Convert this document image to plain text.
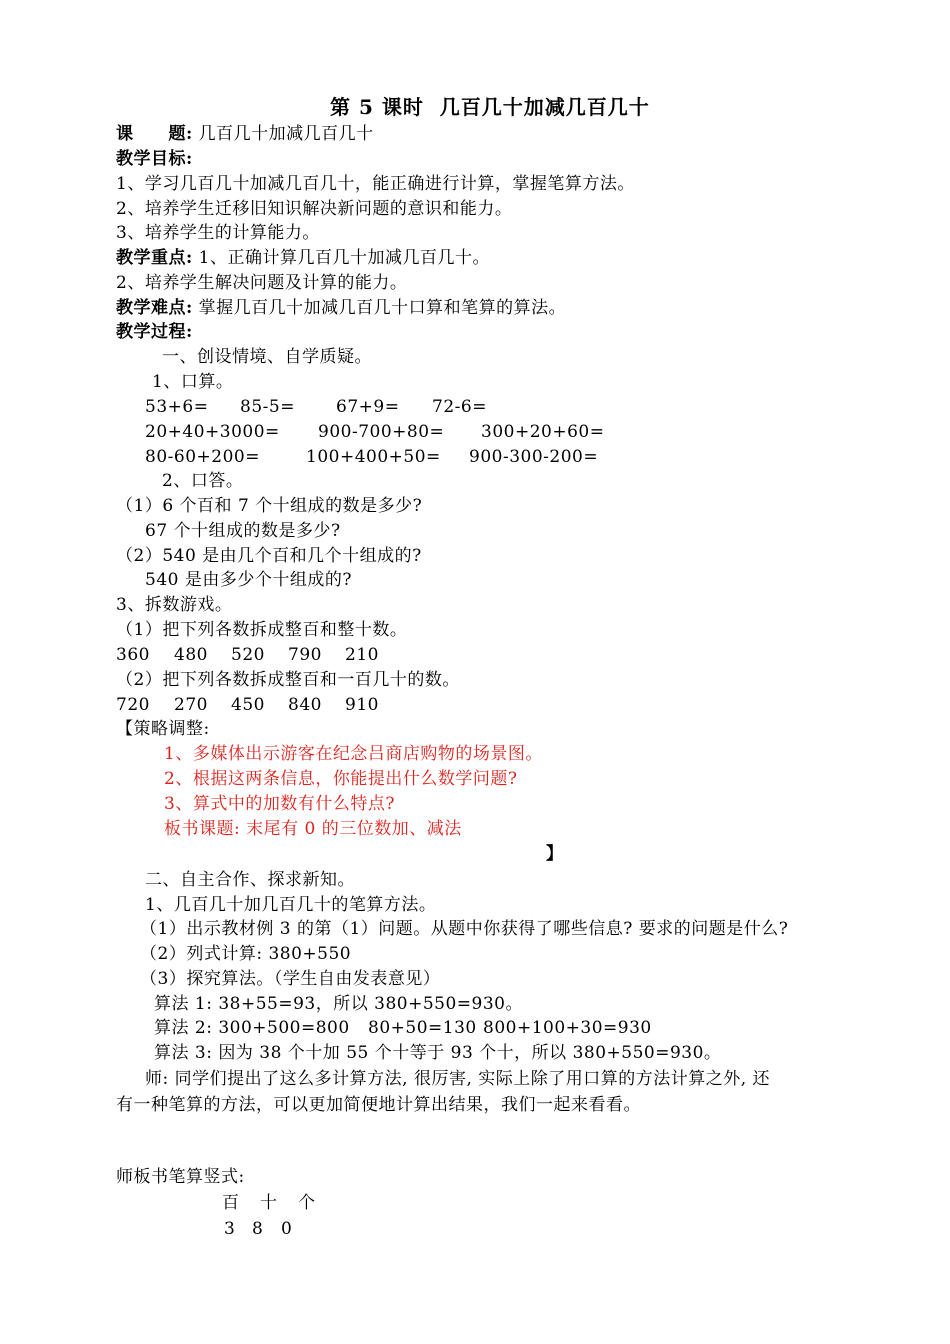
第 5 课时  几百几十加减几百几十
课　　题: 几百几十加减几百几十
教学目标:
1、学习几百几十加减几百几十，能正确进行计算，掌握笔算方法。
2、培养学生迁移旧知识解决新问题的意识和能力。
3、培养学生的计算能力。
教学重点: 1、正确计算几百几十加减几百几十。
2、培养学生解决问题及计算的能力。
教学难点: 掌握几百几十加减几百几十口算和笔算的算法。
教学过程:
一、创设情境、自学质疑。
1、口算。
53+6= 85-5= 67+9= 72-6=
20+40+3000= 900-700+80= 300+20+60=
80-60+200=	100+400+50= 900-300-200=
2、口答。
（1）6 个百和 7 个十组成的数是多少?
67 个十组成的数是多少?
（2）540 是由几个百和几个十组成的?
540 是由多少个十组成的?
3、拆数游戏。
（1）把下列各数拆成整百和整十数。
360 480 520 790 210
（2）把下列各数拆成整百和一百几十的数。
720 270 450 840 910
【策略调整:
1、多媒体出示游客在纪念吕商店购物的场景图。
2、根据这两条信息，你能提出什么数学问题?
3、算式中的加数有什么特点?
板书课题: 末尾有 0 的三位数加、减法
】
二、自主合作、探求新知。
1、几百几十加几百几十的笔算方法。
（1）出示教材例 3 的第（1）问题。从题中你获得了哪些信息? 要求的问题是什么?
（2）列式计算: 380+550
（3）探究算法。（学生自由发表意见）
算法 1: 38+55=93，所以 380+550=930。
算法 2: 300+500=800 80+50=130 800+100+30=930
算法 3: 因为 38 个十加 55 个十等于 93 个十，所以 380+550=930。
师: 同学们提出了这么多计算方法, 很厉害, 实际上除了用口算的方法计算之外, 还
有一种笔算的方法，可以更加简便地计算出结果，我们一起来看看。
师板书笔算竖式:
百 十 个
3 8 0
